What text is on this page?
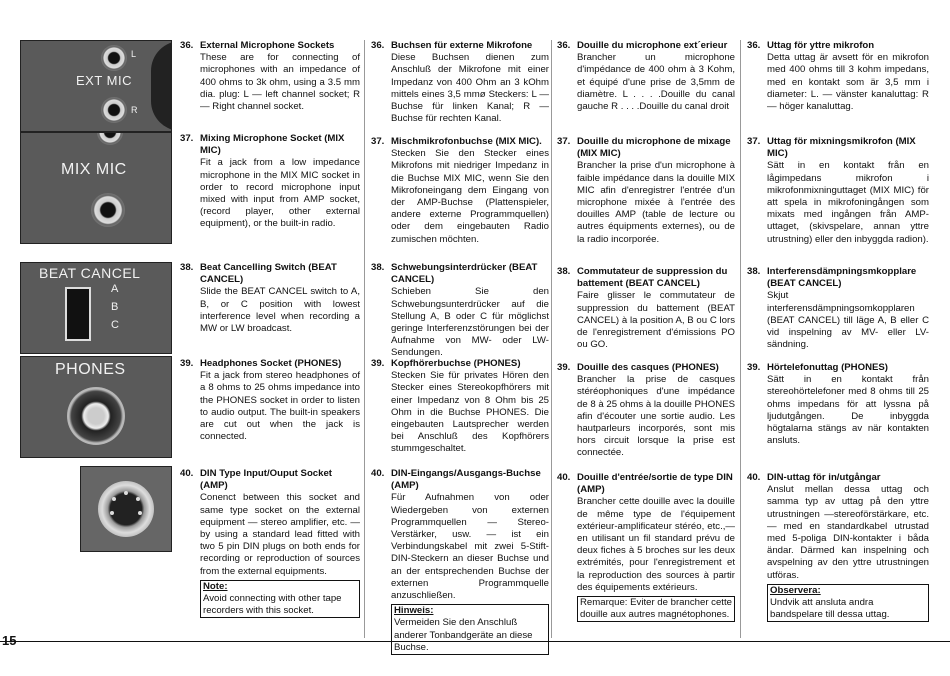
EXT MIC
L
R
MIX MIC
BEAT CANCEL
A
B
C
PHONES
36. External Microphone Sockets
These are for connecting of microphones with an impedance of 400 ohms to 3k ohm, using a 3.5 mm dia. plug: L — left channel socket; R — Right channel socket.
37. Mixing Microphone Socket (MIX MIC)
Fit a jack from a low impedance microphone in the MIX MIC socket in order to record microphone input mixed with input from AMP socket, (record player, other external equipment), or the built-in radio.
38. Beat Cancelling Switch (BEAT CANCEL)
Slide the BEAT CANCEL switch to A, B, or C position with lowest interference level when recording a MW or LW broadcast.
39. Headphones Socket (PHONES)
Fit a jack from stereo headphones of a 8 ohms to 25 ohms impedance into the PHONES socket in order to listen to audio output. The built-in speakers are cut out when the jack is connected.
40. DIN Type Input/Ouput Socket (AMP)
Conenct between this socket and same type socket on the external equipment — stereo amplifier, etc. — by using a standard lead fitted with two 5 pin DIN plugs on both ends for recording or reproduction of sources from the external equipments.
Note:
Avoid connecting with other tape recorders with this socket.
36. Buchsen für externe Mikrofone
Diese Buchsen dienen zum Anschluß der Mikrofone mit einer Impedanz von 400 Ohm an 3 kOhm mittels eines 3,5 mmø Steckers: L — Buchse für linken Kanal; R — Buchse für rechten Kanal.
37. Mischmikrofonbuchse (MIX MIC).
Stecken Sie den Stecker eines Mikrofons mit niedriger Impedanz in die Buchse MIX MIC, wenn Sie den Mikrofoneingang dem Eingang von der AMP-Buchse (Plattenspieler, andere externe Programmquellen) oder dem eingebauten Radio zumischen möchten.
38. Schwebungsinterdrücker (BEAT CANCEL)
Schieben Sie den Schwebungsunterdrücker auf die Stellung A, B oder C für möglichst geringe Interferenzstörungen bei der Aufnahme von MW- oder LW-Sendungen.
39. Kopfhörerbuchse (PHONES)
Stecken Sie für privates Hören den Stecker eines Stereokopfhörers mit einer Impedanz von 8 Ohm bis 25 Ohm in die Buchse PHONES. Die eingebauten Lautsprecher werden bei Anschluß des Kopfhörers stummgeschaltet.
40. DIN-Eingangs/Ausgangs-Buchse (AMP)
Für Aufnahmen von oder Wiedergeben von externen Programmquellen — Stereo-Verstärker, usw. — ist ein Verbindungskabel mit zwei 5-Stift-DIN-Steckern an dieser Buchse und an der entsprechenden Buchse der externen Programmquelle anzuschließen.
Hinweis:
Vermeiden Sie den Anschluß anderer Tonbandgeräte an diese Buchse.
36. Douille du microphone ext´erieur
Brancher un microphone d'impédance de 400 ohm à 3 Kohm, et équipé d'une prise de 3,5mm de diamètre. L . . . .Douille du canal gauche R . . . .Douille du canal droit
37. Douille du microphone de mixage (MIX MIC)
Brancher la prise d'un microphone à faible impédance dans la douille MIX MIC afin d'enregistrer l'entrée d'un microphone mixée à l'entrée des douilles AMP (table de lecture ou autres équipments externes), ou de la radio incorporée.
38. Commutateur de suppression du battement (BEAT CANCEL)
Faire glisser le commutateur de suppression du battement (BEAT CANCEL) à la position A, B ou C lors de l'enregistrement d'émissions PO ou GO.
39. Douille des casques (PHONES)
Brancher la prise de casques stéréophoniques d'une impédance de 8 à 25 ohms à la douille PHONES afin d'écouter une sortie audio. Les hautparleurs incorporés, sont mis hors circuit lorsque la prise est connectée.
40. Douille d'entrée/sortie de type DIN (AMP)
Brancher cette douille avec la douille de même type de l'équipement extérieur-amplificateur stéréo, etc.,—en utilisant un fil standard prévu de deux fiches à 5 broches sur les deux extrémités, pour l'enregistrement et la reproduction des sources à partir des équipements extérieurs.
Remarque: Eviter de brancher cette douille aux autres magnétophones.
36. Uttag för yttre mikrofon
Detta uttag är avsett för en mikrofon med 400 ohms till 3 kohm impedans, med en kontakt som är 3,5 mm i diameter: L. — vänster kanaluttag: R — höger kanaluttag.
37. Uttag för mixningsmikrofon (MIX MIC)
Sätt in en kontakt från en lågimpedans mikrofon i mikrofonmixninguttaget (MIX MIC) för att spela in mikrofoningången som mixats med ingången från AMP-uttaget, (skivspelare, annan yttre utrustning) eller den inbyggda radion).
38. Interferensdämpningsmkopplare (BEAT CANCEL)
Skjut interferensdämpningsomkopplaren (BEAT CANCEL) till läge A, B eller C vid inspelning av MV- eller LV-sändning.
39. Hörtelefonuttag (PHONES)
Sätt in en kontakt från stereohörtelefoner med 8 ohms till 25 ohms impedans för att lyssna på ljudutgången. De inbyggda högtalarna stängs av när kontakten ansluts.
40. DIN-uttag för in/utgångar
Anslut mellan dessa uttag och samma typ av uttag på den yttre utrustningen —stereoförstärkare, etc. — med en standardkabel utrustad med 5-poliga DIN-kontakter i båda ändar. Därmed kan inspelning och avspelning av den yttre utrustningen utföras.
Observera:
Undvik att ansluta andra bandspelare till dessa uttag.
15
